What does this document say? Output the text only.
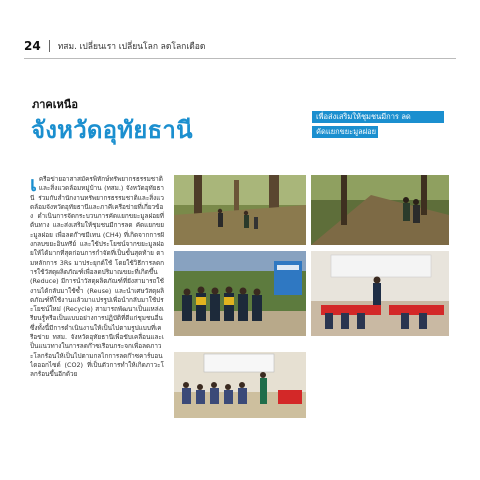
24 ทสม. เปลี่ยนเรา เปลี่ยนโลก ลดโลกเดือด
ภาคเหนือ
จังหวัดอุทัยธานี	เพื่อส่งเสริมให้ชุมชนมีการ ลด
คัดแยกขยะมูลฝอย
เครือข่ายอาสาสมัครพิทักษ์ทรัพยากรธรรมชาติและสิ่งแวดล้อมหมู่บ้าน (ทสม.) จังหวัดอุทัยธานี ร่วมกับสำนักงานทรัพยากรธรรมชาติและสิ่งแวดล้อมจังหวัดอุทัยธานีและภาคีเครือข่ายที่เกี่ยวข้อง ดำเนินการจัดกระบวนการคัดแยกขยะมูลฝอยที่ต้นทาง และส่งเสริมให้ชุมชนมีการลด คัดแยกขยะมูลฝอย เพื่อลดก๊าซมีเทน (CH4) ที่เกิดจากการฝังกลบขยะอินทรีย์ และใช้ประโยชน์จากขยะมูลฝอยให้ได้มากที่สุดก่อนการกำจัดที่เป็นขั้นสุดท้าย ตามหลักการ 3Rs มาประยุกต์ใช้ โดยใช้วิธีการลดการใช้วัสดุผลิตภัณฑ์เพื่อลดปริมาณขยะที่เกิดขึ้น (Reduce) มีการนำวัสดุผลิตภัณฑ์ที่ยังสามารถใช้งานได้กลับมาใช้ซ้ำ (Reuse) และนำเศษวัสดุผลิตภัณฑ์ที่ใช้งานแล้วมาแปรรูปเพื่อนำกลับมาใช้ประโยชน์ใหม่ (Recycle) สามารถพัฒนาเป็นแหล่งเรียนรู้หรือเป็นแบบอย่างการปฏิบัติที่ดีแก่ชุมชนอื่น ซึ่งทั้งนี้มีการดำเนินงานให้เป็นไปตามรูปแบบที่เครือข่าย ทสม. จังหวัดอุทัยธานีเพื่อขับเคลื่อนและเป็นแนวทางในการลดก๊าซเรือนกระจกเพื่อลดภาวะโลกร้อนให้เป็นไปตามกลไกการลดก๊าซคาร์บอนไดออกไซด์ (CO2) ที่เป็นตัวการทำให้เกิดภาวะโลกร้อนขึ้นอีกด้วย
